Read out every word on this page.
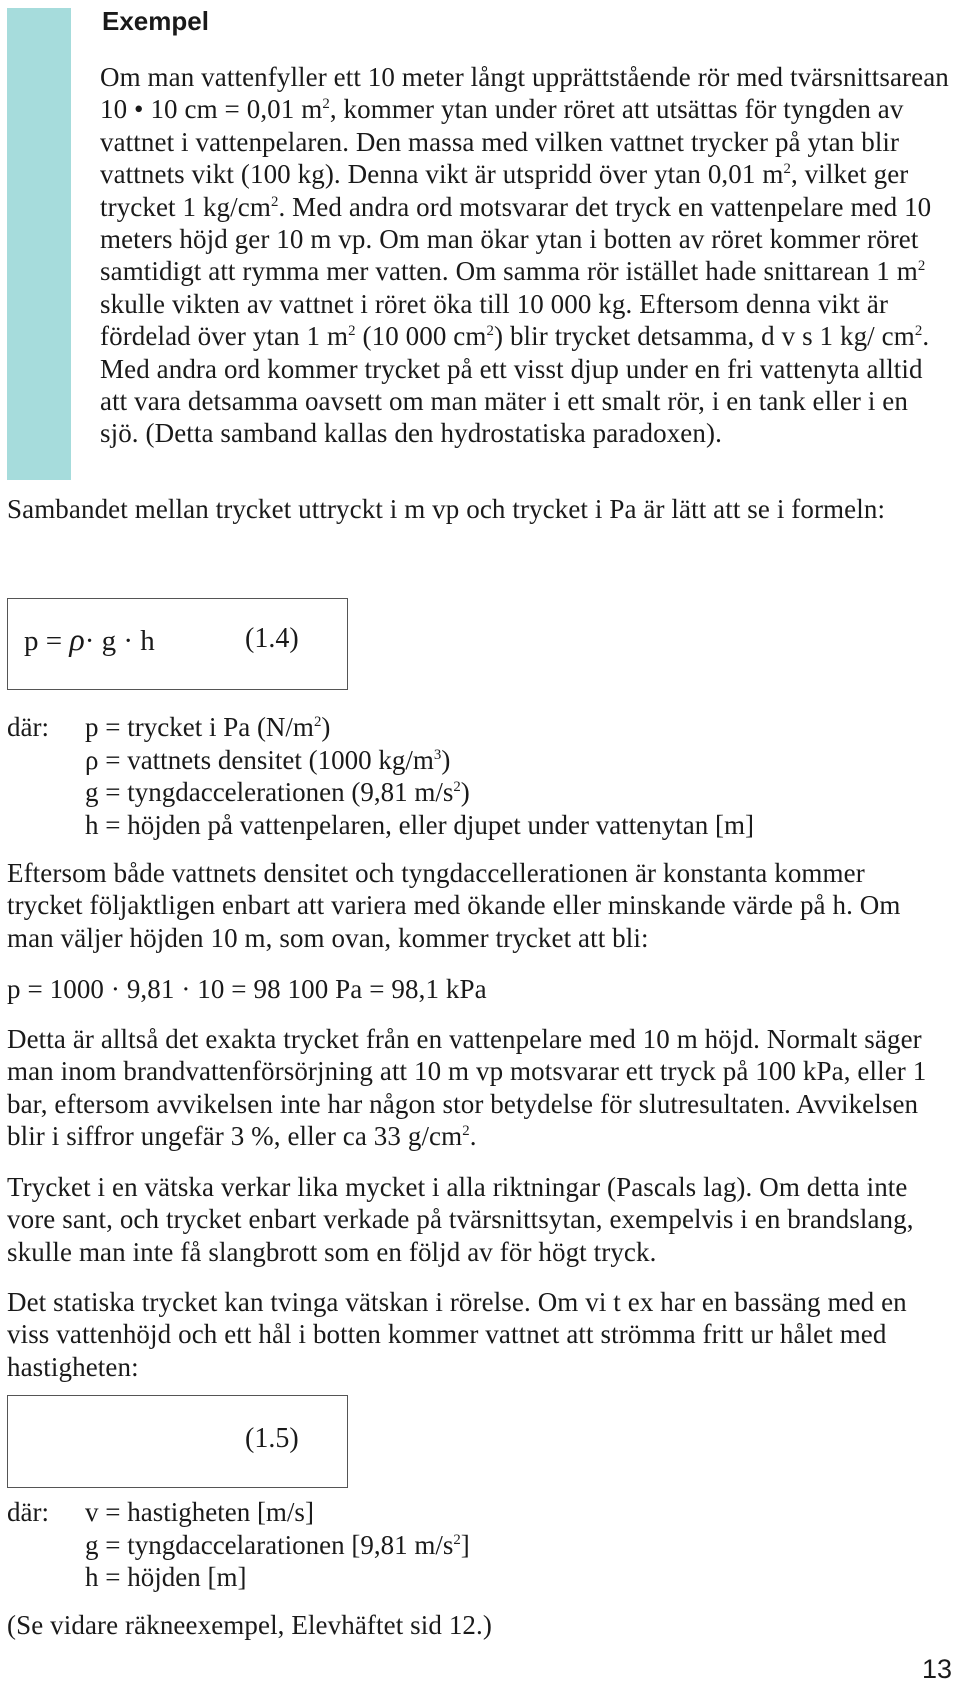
Exempel

Om man vattenfyller ett 10 meter långt upprättstående rör med tvärsnittsarean 10 • 10 cm = 0,01 $m^2$, kommer ytan under röret att utsättas för tyngden av vattnet i vattenpelaren. Den massa med vilken vattnet trycker på ytan blir vattnets vikt (100 kg). Denna vikt är utspridd över ytan 0,01 $m^2$, vilket ger trycket 1 $kg/cm^2$. Med andra ord motsvarar det tryck en vattenpelare med 10 meters höjd ger 10 m vp. Om man ökar ytan i botten av röret kommer röret samtidigt att rymma mer vatten. Om samma rör istället hade snittarean 1 $m^2$ skulle vikten av vattnet i röret öka till 10 000 kg. Eftersom denna vikt är fördelad över ytan 1 $m^2$ (10 000 $cm^2$) blir trycket detsamma, d v s 1 kg/ $cm^2$. Med andra ord kommer trycket på ett visst djup under en fri vattenyta alltid att vara detsamma oavsett om man mäter i ett smalt rör, i en tank eller i en sjö. (Detta samband kallas den hydrostatiska paradoxen).

Sambandet mellan trycket uttryckt i m vp och trycket i Pa är lätt att se i formeln:

p = ρ· g · h	(1.4)
där: p = trycket i Pa $(N/m^2)$
ρ = vattnets densitet (1000 $kg/m^3$)
g = tyngdaccelerationen (9,81 $m/s^2$)
h = höjden på vattenpelaren, eller djupet under vattenytan [m]

Eftersom både vattnets densitet och tyngdaccellerationen är konstanta kommer trycket följaktligen enbart att variera med ökande eller minskande värde på h. Om man väljer höjden 10 m, som ovan, kommer trycket att bli:

p = 1000 · 9,81 · 10 = 98 100 Pa = 98,1 kPa

Detta är alltså det exakta trycket från en vattenpelare med 10 m höjd. Normalt säger man inom brandvattenförsörjning att 10 m vp motsvarar ett tryck på 100 kPa, eller 1 bar, eftersom avvikelsen inte har någon stor betydelse för slutresultaten. Avvikelsen blir i siffror ungefär 3 %, eller ca 33 $g/cm^2$.

Trycket i en vätska verkar lika mycket i alla riktningar (Pascals lag). Om detta inte vore sant, och trycket enbart verkade på tvärsnittsytan, exempelvis i en brandslang, skulle man inte få slangbrott som en följd av för högt tryck.

Det statiska trycket kan tvinga vätskan i rörelse. Om vi t ex har en bassäng med en viss vattenhöjd och ett hål i botten kommer vattnet att strömma fritt ur hålet med hastigheten:

(1.5)
där: v = hastigheten [m/s]
g = tyngdaccelarationen [9,81 $m/s^2$]
h = höjden [m]

(Se vidare räkneexempel, Elevhäftet sid 12.)

13
